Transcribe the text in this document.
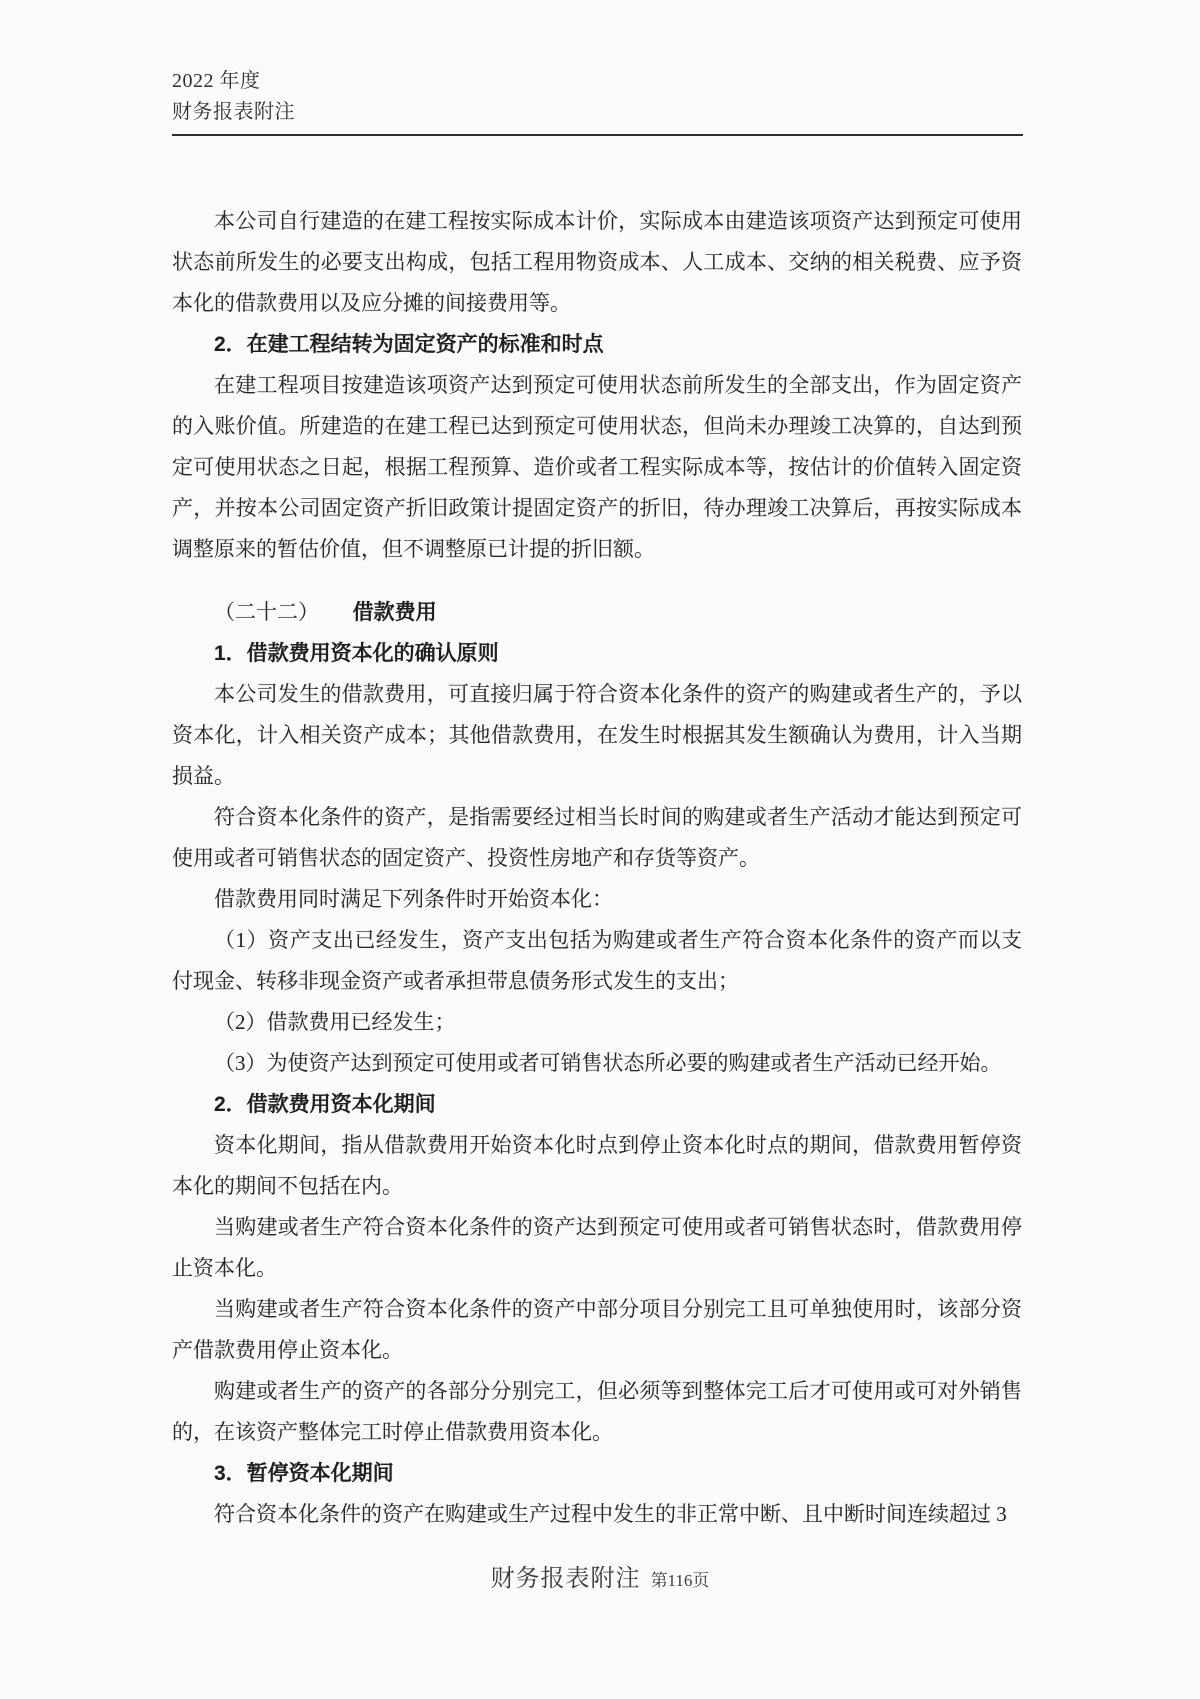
2022 年度
财务报表附注

本公司自行建造的在建工程按实际成本计价，实际成本由建造该项资产达到预定可使用状态前所发生的必要支出构成，包括工程用物资成本、人工成本、交纳的相关税费、应予资本化的借款费用以及应分摊的间接费用等。

2．在建工程结转为固定资产的标准和时点

在建工程项目按建造该项资产达到预定可使用状态前所发生的全部支出，作为固定资产的入账价值。所建造的在建工程已达到预定可使用状态，但尚未办理竣工决算的，自达到预定可使用状态之日起，根据工程预算、造价或者工程实际成本等，按估计的价值转入固定资产，并按本公司固定资产折旧政策计提固定资产的折旧，待办理竣工决算后，再按实际成本调整原来的暂估价值，但不调整原已计提的折旧额。

（二十二） 借款费用

1．借款费用资本化的确认原则

本公司发生的借款费用，可直接归属于符合资本化条件的资产的购建或者生产的，予以资本化，计入相关资产成本；其他借款费用，在发生时根据其发生额确认为费用，计入当期损益。

符合资本化条件的资产，是指需要经过相当长时间的购建或者生产活动才能达到预定可使用或者可销售状态的固定资产、投资性房地产和存货等资产。

借款费用同时满足下列条件时开始资本化：

（1）资产支出已经发生，资产支出包括为购建或者生产符合资本化条件的资产而以支付现金、转移非现金资产或者承担带息债务形式发生的支出；

（2）借款费用已经发生；

（3）为使资产达到预定可使用或者可销售状态所必要的购建或者生产活动已经开始。

2．借款费用资本化期间

资本化期间，指从借款费用开始资本化时点到停止资本化时点的期间，借款费用暂停资本化的期间不包括在内。

当购建或者生产符合资本化条件的资产达到预定可使用或者可销售状态时，借款费用停止资本化。

当购建或者生产符合资本化条件的资产中部分项目分别完工且可单独使用时，该部分资产借款费用停止资本化。

购建或者生产的资产的各部分分别完工，但必须等到整体完工后才可使用或可对外销售的，在该资产整体完工时停止借款费用资本化。

3．暂停资本化期间

符合资本化条件的资产在购建或生产过程中发生的非正常中断、且中断时间连续超过 3

财务报表附注 第116页
